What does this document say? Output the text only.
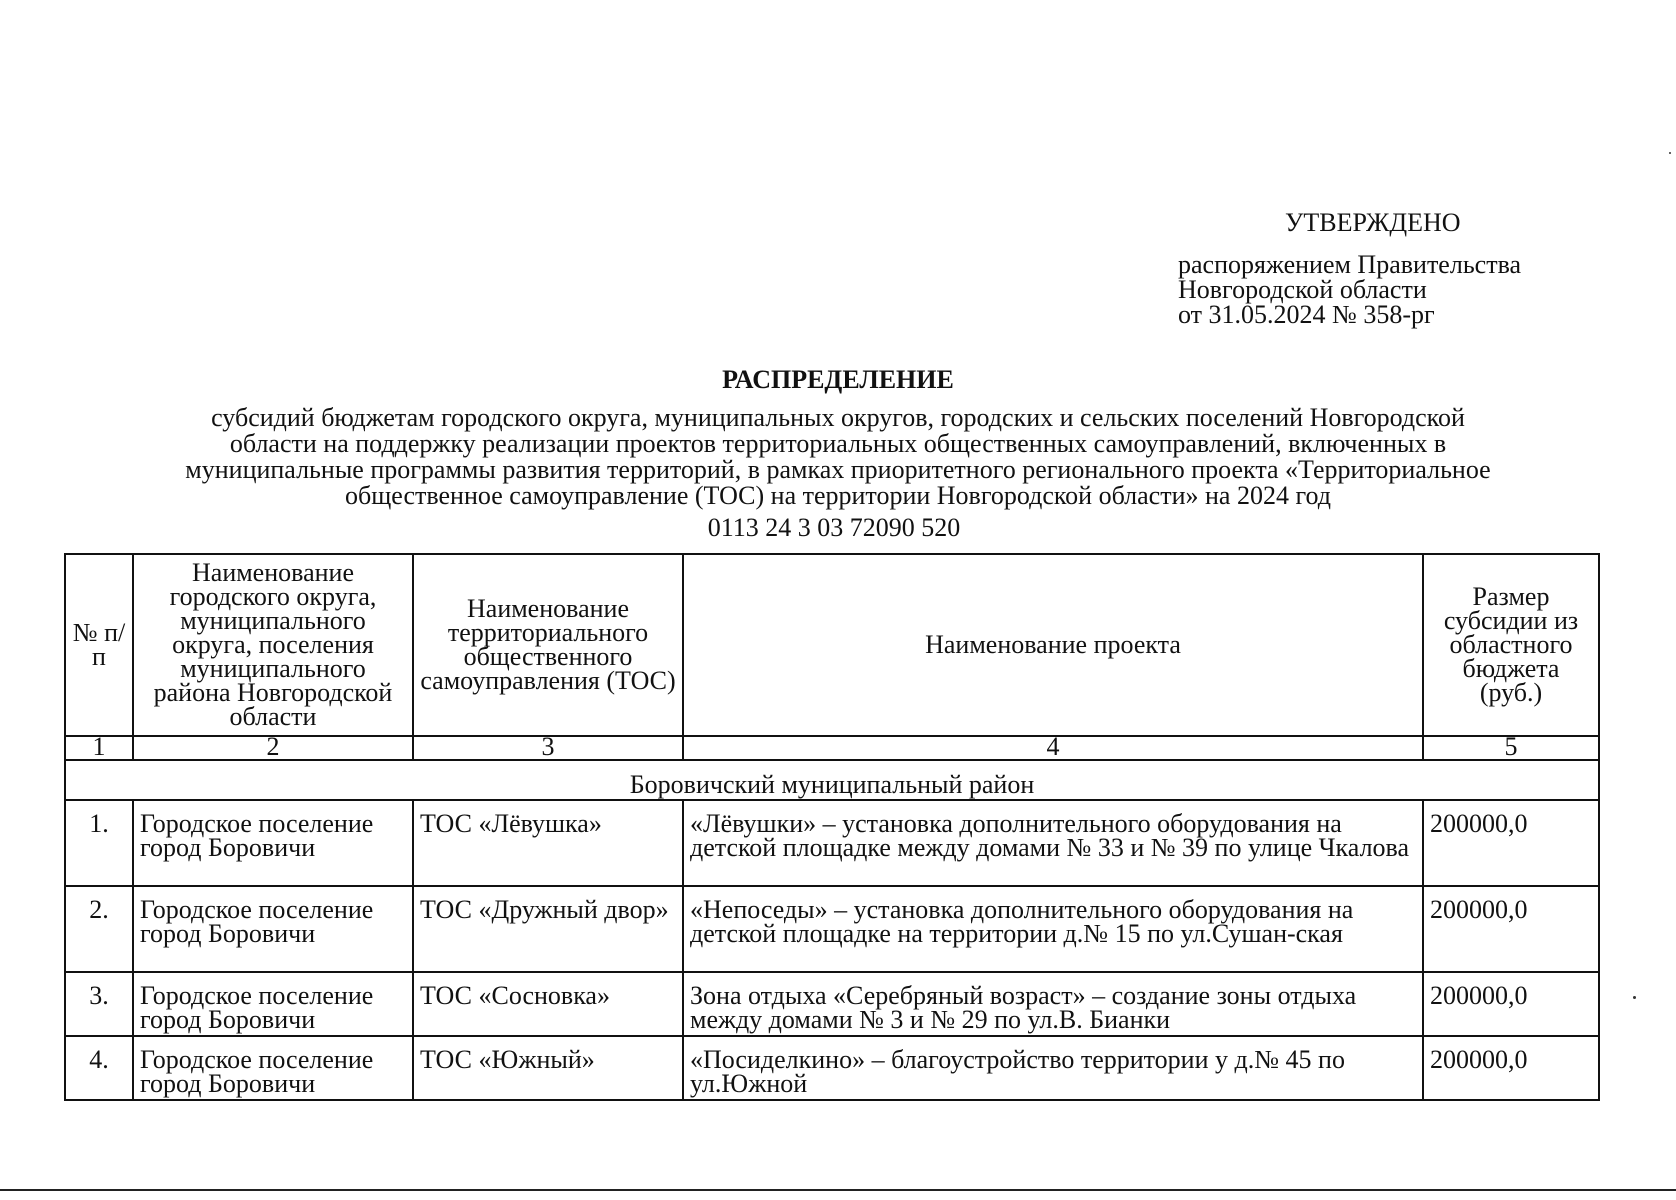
УТВЕРЖДЕНО
распоряжением Правительства
Новгородской области
от 31.05.2024 № 358-рг
РАСПРЕДЕЛЕНИЕ
субсидий бюджетам городского округа, муниципальных округов, городских и сельских поселений Новгородской
области на поддержку реализации проектов территориальных общественных самоуправлений, включенных в
муниципальные программы развития территорий, в рамках приоритетного регионального проекта «Территориальное
общественное самоуправление (ТОС) на территории Новгородской области» на 2024 год
0113 24 3 03 72090 520
№ п/п	Наименование городского округа, муниципального округа, поселения муниципального района Новгородской области	Наименование территориального общественного самоуправления (ТОС)	Наименование проекта	Размер субсидии из областного бюджета (руб.)
1	2	3	4	5
Боровичский муниципальный район				
1.	Городское поселение город Боровичи	ТОС «Лёвушка»	«Лёвушки» – установка дополнительного оборудования на детской площадке между домами № 33 и № 39 по улице Чкалова	200000,0
2.	Городское поселение город Боровичи	ТОС «Дружный двор»	«Непоседы» – установка дополнительного оборудования на детской площадке на территории д.№ 15 по ул.Сушан-ская	200000,0
3.	Городское поселение город Боровичи	ТОС «Сосновка»	Зона отдыха «Серебряный возраст» – создание зоны отдыха между домами № 3 и № 29 по ул.В. Бианки	200000,0
4.	Городское поселение город Боровичи	ТОС «Южный»	«Посиделкино» – благоустройство территории у д.№ 45 по ул.Южной	200000,0
